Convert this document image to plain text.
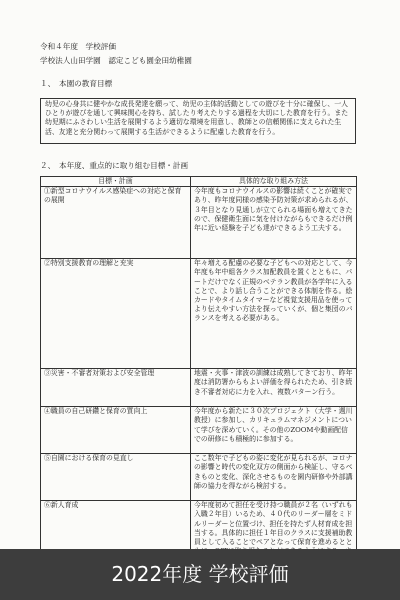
令和４年度　学校評価
学校法人山田学園　認定こども園金田幼稚園
１、　本園の教育目標
幼児の心身共に健やかな成長発達を願って、幼児の主体的活動としての遊びを十分に確保し、一人ひとりが遊びを通して興味関心を持ち、試したり考えたりする過程を大切にした教育を行う。また幼児期にふさわしい生活を展開するよう適切な環境を用意し、教師との信頼関係に支えられた生活、友達と充分関わって展開する生活ができるように配慮した教育を行う。
２、　本年度、重点的に取り組む目標・計画
目標・計画	具体的な取り組み方法
①新型コロナウイルス感染症への対応と保育の展開	今年度もコロナウイルスの影響は続くことが確実であり、昨年度同様の感染予防対策が求められるが、３年目となり見通しが立てられる場面も増えてきたので、保健衛生面に気を付けながらもできるだけ例年に近い経験を子ども達ができるよう工夫する。
②特別支援教育の理解と充実	年々増える配慮の必要な子どもへの対応として、今年度も年中組各クラス加配教員を置くとともに、パートだけでなく正規のベテラン教員が各学年に入ることで、より話し合うことができる体制を作る。絵カードやタイムタイマーなど視覚支援用品を使ってより伝えやすい方法を探っていくが、個と集団のバランスを考える必要がある。
③災害・不審者対策および安全管理	地震・火事・津波の訓練は成熟してきており、昨年度は消防署からもよい評価を得られたため、引き続き不審者対応に力を入れ、複数パターン行う。
④職員の自己研鑽と保育の質向上	今年度から新たに３０次プロジェクト（大学・週川教授）に参加し、カリキュラムマネジメントについて学びを深めていく。その他のZOOMや動画配信での研修にも積極的に参加する。
⑤自園における保育の見直し	ここ数年で子どもの姿に変化が見られるが、コロナの影響と時代の変化双方の側面から検証し、守るべきものと変化、深化させるものを園内研修や外部講師の協力を得ながら検討する。
⑥新人育成	今年度初めて担任を受け持つ職員が２名（いずれも入職２年目）いるため、４０代のリーダー層をミドルリーダーと位置づけ、担任を持たず人材育成を担当する。具体的に担任１年目のクラスに支援補助教員として入ることでペアとなって保育を進めるとと
2022年度 学校評価
